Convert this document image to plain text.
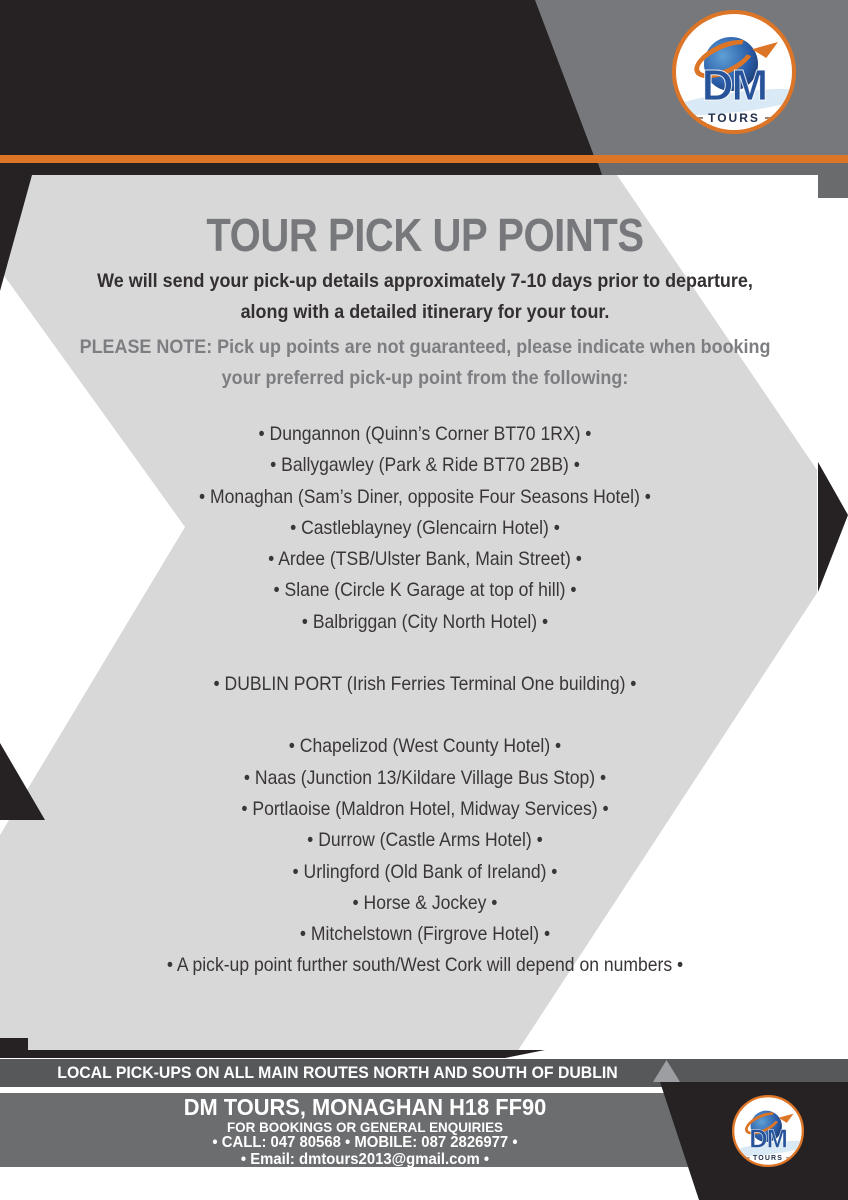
TOUR PICK UP POINTS
We will send your pick-up details approximately 7-10 days prior to departure,
along with a detailed itinerary for your tour.
PLEASE NOTE: Pick up points are not guaranteed, please indicate when booking
your preferred pick-up point from the following:
• Dungannon (Quinn’s Corner BT70 1RX) •
• Ballygawley (Park & Ride BT70 2BB) •
• Monaghan (Sam’s Diner, opposite Four Seasons Hotel) •
• Castleblayney (Glencairn Hotel) •
• Ardee (TSB/Ulster Bank, Main Street) •
• Slane (Circle K Garage at top of hill) •
• Balbriggan (City North Hotel) •
• DUBLIN PORT (Irish Ferries Terminal One building) •
• Chapelizod (West County Hotel) •
• Naas (Junction 13/Kildare Village Bus Stop) •
• Portlaoise (Maldron Hotel, Midway Services) •
• Durrow (Castle Arms Hotel) •
• Urlingford (Old Bank of Ireland) •
• Horse & Jockey •
• Mitchelstown (Firgrove Hotel) •
• A pick-up point further south/West Cork will depend on numbers •
LOCAL PICK-UPS ON ALL MAIN ROUTES NORTH AND SOUTH OF DUBLIN
DM TOURS, MONAGHAN H18 FF90
FOR BOOKINGS OR GENERAL ENQUIRIES
• CALL: 047 80568 • MOBILE: 087 2826977 •
• Email: dmtours2013@gmail.com •
DM
TOURS
DM
TOURS
